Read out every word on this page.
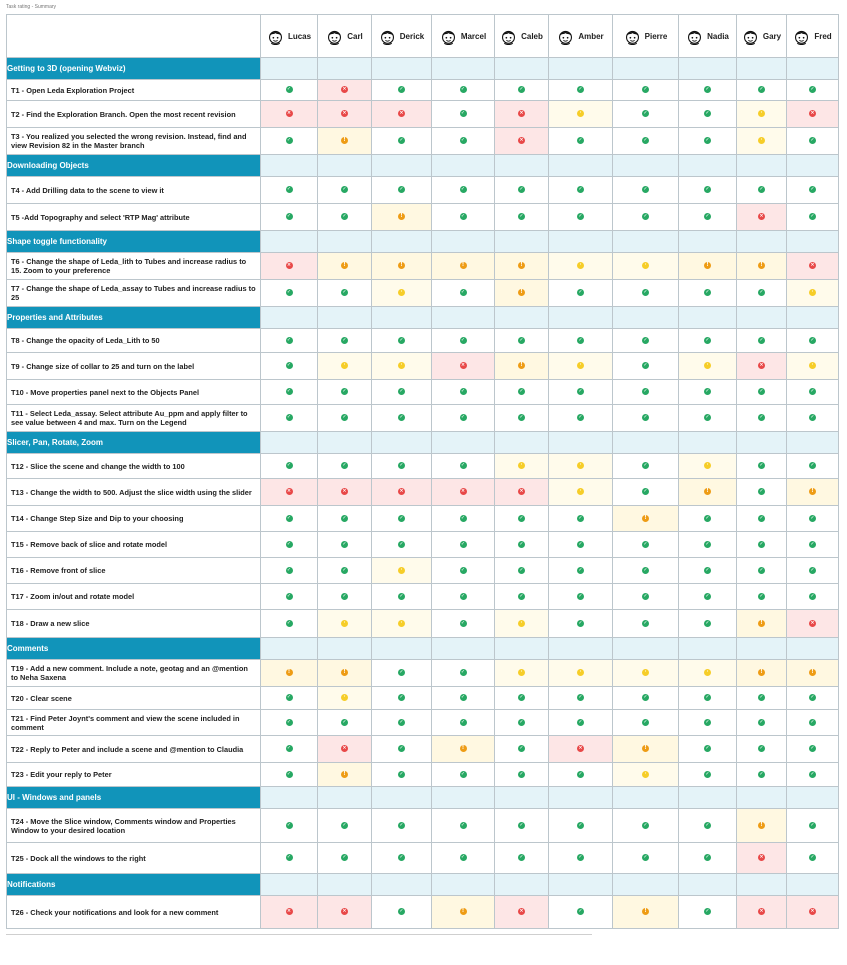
Task rating - Summary

	Lucas	Carl	Derick	Marcel	Caleb	Amber	Pierre	Nadia	Gary	Fred

Getting to 3D (opening Webviz)										
T1 - Open Leda Exploration Project	✓	×	✓	✓	✓	✓	✓	✓	✓	✓
T2 - Find the Exploration Branch. Open the most recent revision	×	×	×	✓	×	·	✓	✓	·	×
T3 - You realized you selected the wrong revision. Instead, find and view Revision 82 in the Master branch	✓	!	✓	✓	×	✓	✓	✓	·	✓
Downloading Objects										
T4 - Add Drilling data to the scene to view it	✓	✓	✓	✓	✓	✓	✓	✓	✓	✓
T5 -Add Topography and select 'RTP Mag' attribute	✓	✓	!	✓	✓	✓	✓	✓	×	✓
Shape toggle functionality										
T6 - Change the shape of Leda_lith to Tubes and increase radius to 15. Zoom to your preference	×	!	!	!	!	·	·	!	!	×
T7 - Change the shape of Leda_assay to Tubes and increase radius to 25	✓	✓	·	✓	!	✓	✓	✓	✓	·
Properties and Attributes										
T8 - Change the opacity of Leda_Lith to 50	✓	✓	✓	✓	✓	✓	✓	✓	✓	✓
T9 - Change size of collar to 25 and turn on the label	✓	·	·	×	!	·	✓	·	×	·
T10 - Move properties panel next to the Objects Panel	✓	✓	✓	✓	✓	✓	✓	✓	✓	✓
T11 - Select Leda_assay. Select attribute Au_ppm and apply filter to see value between 4 and max. Turn on the Legend	✓	✓	✓	✓	✓	✓	✓	✓	✓	✓
Slicer, Pan, Rotate, Zoom										
T12 - Slice the scene and change the width to 100	✓	✓	✓	✓	·	·	✓	·	✓	✓
T13 - Change the width to 500. Adjust the slice width using the slider	×	×	×	×	×	·	✓	!	✓	!
T14 - Change Step Size and Dip to your choosing	✓	✓	✓	✓	✓	✓	!	✓	✓	✓
T15 - Remove back of slice and rotate model	✓	✓	✓	✓	✓	✓	✓	✓	✓	✓
T16 - Remove front of slice	✓	✓	·	✓	✓	✓	✓	✓	✓	✓
T17 - Zoom in/out and rotate model	✓	✓	✓	✓	✓	✓	✓	✓	✓	✓
T18 - Draw a new slice	✓	·	·	✓	·	✓	✓	✓	!	×
Comments										
T19 - Add a new comment. Include a note, geotag and an @mention to Neha Saxena	!	!	✓	✓	·	·	·	·	!	!
T20 - Clear scene	✓	·	✓	✓	✓	✓	✓	✓	✓	✓
T21 - Find Peter Joynt's comment and view the scene included in comment	✓	✓	✓	✓	✓	✓	✓	✓	✓	✓
T22 - Reply to Peter and include a scene and @mention to Claudia	✓	×	✓	!	✓	×	!	✓	✓	✓
T23 - Edit your reply to Peter	✓	!	✓	✓	✓	✓	·	✓	✓	✓
UI - Windows and panels										
T24 - Move the Slice window, Comments window and Properties Window to your desired location	✓	✓	✓	✓	✓	✓	✓	✓	!	✓
T25 - Dock all the windows to the right	✓	✓	✓	✓	✓	✓	✓	✓	×	✓
Notifications										
T26 - Check your notifications and look for a new comment	×	×	✓	!	×	✓	!	✓	×	×
